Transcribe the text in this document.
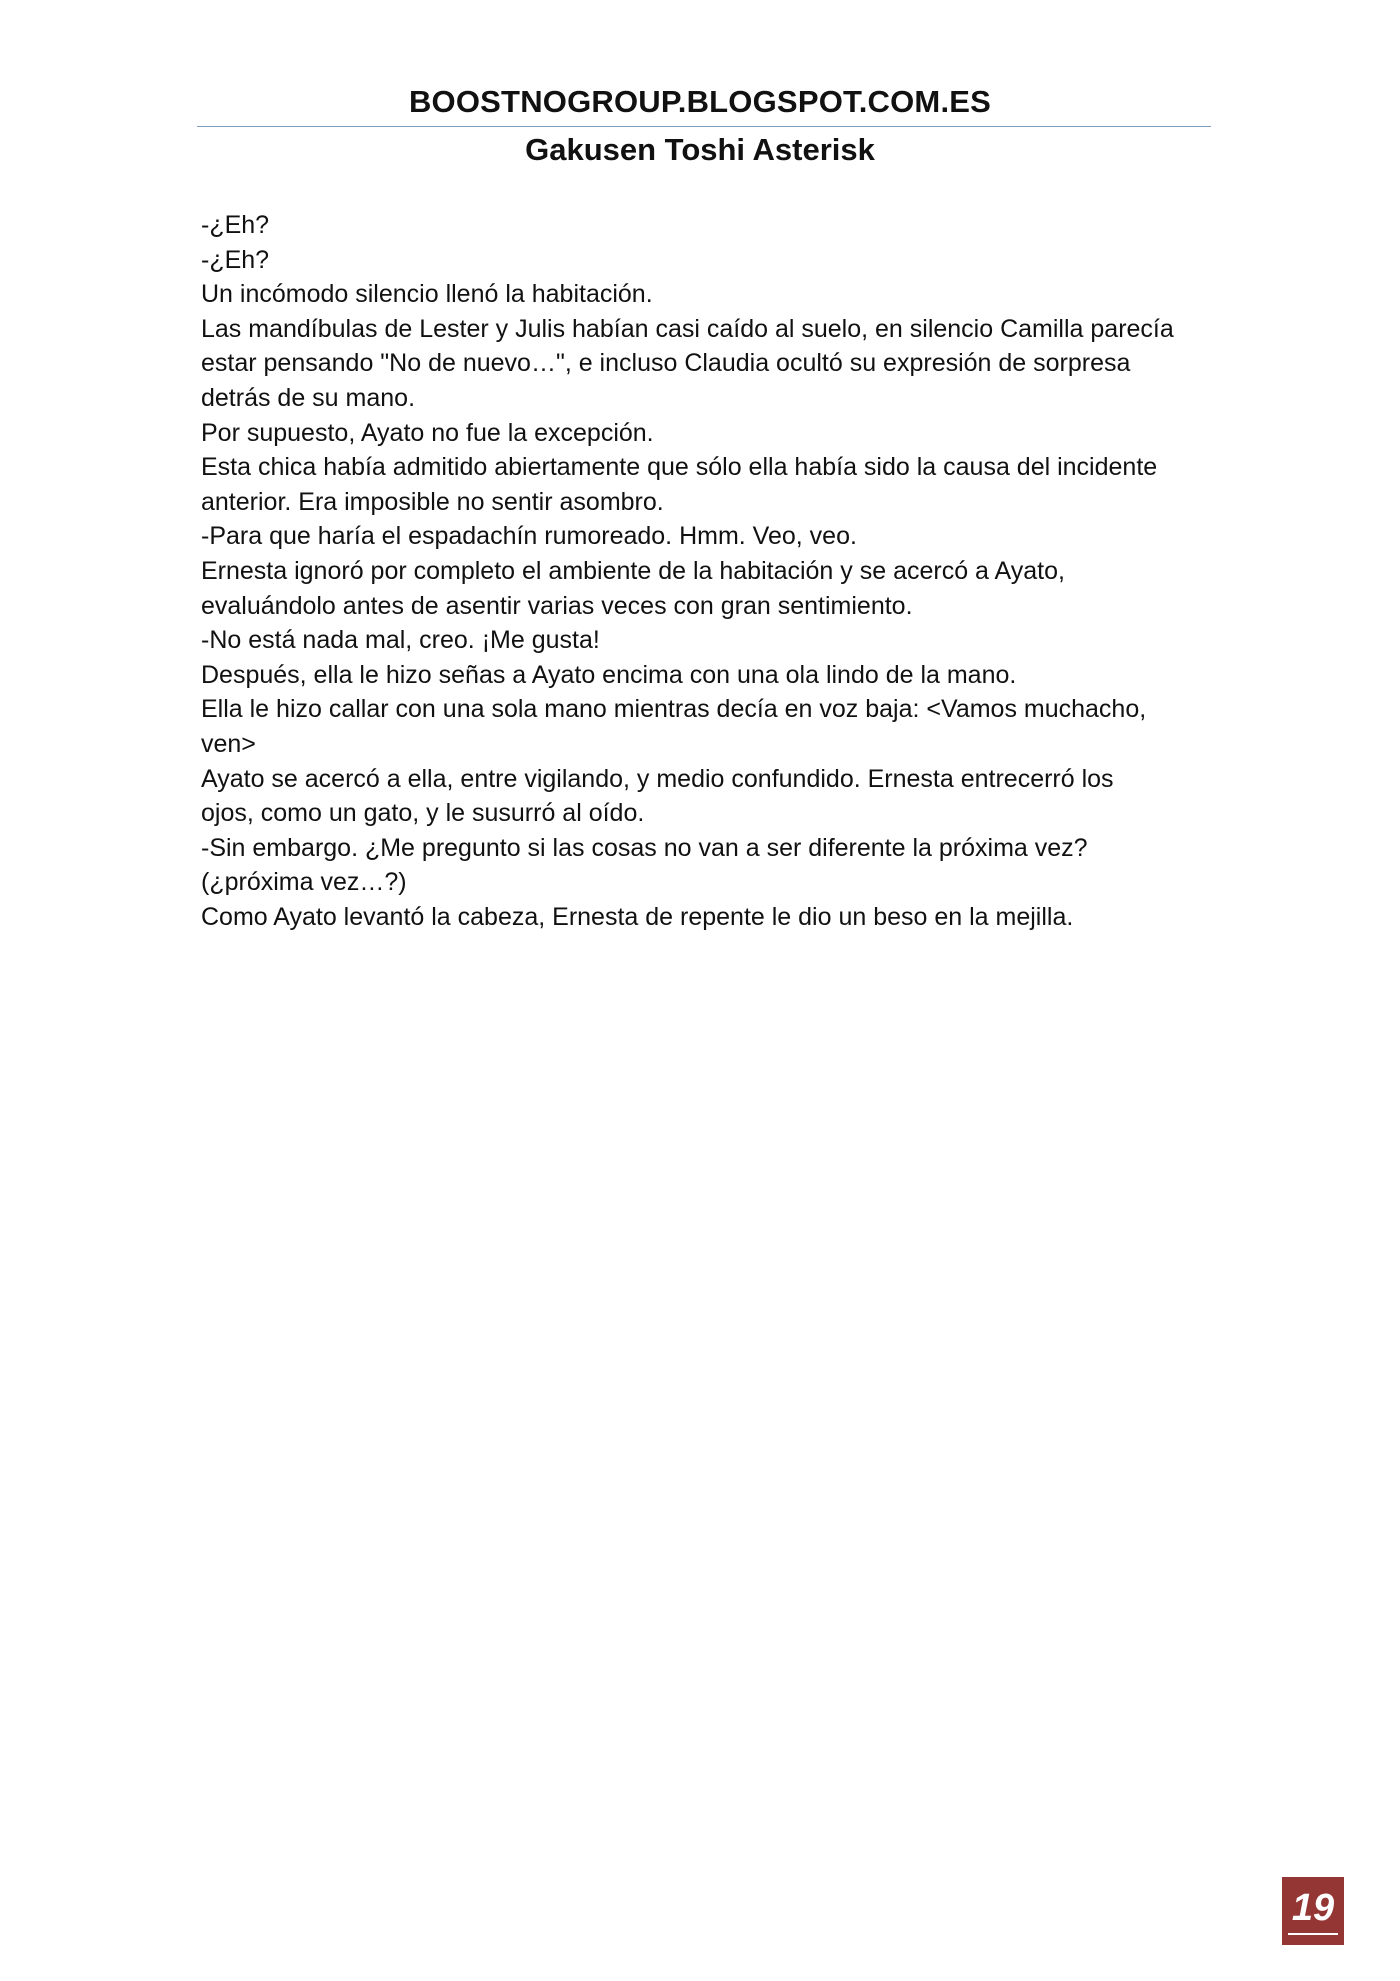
BOOSTNOGROUP.BLOGSPOT.COM.ES
Gakusen Toshi Asterisk

-¿Eh?

-¿Eh?

Un incómodo silencio llenó la habitación.

Las mandíbulas de Lester y Julis habían casi caído al suelo, en silencio Camilla parecía

estar pensando "No de nuevo…", e incluso Claudia ocultó su expresión de sorpresa

detrás de su mano.

Por supuesto, Ayato no fue la excepción.

Esta chica había admitido abiertamente que sólo ella había sido la causa del incidente

anterior. Era imposible no sentir asombro.

-Para que haría el espadachín rumoreado. Hmm. Veo, veo.

Ernesta ignoró por completo el ambiente de la habitación y se acercó a Ayato,

evaluándolo antes de asentir varias veces con gran sentimiento.

-No está nada mal, creo. ¡Me gusta!

Después, ella le hizo señas a Ayato encima con una ola lindo de la mano.

Ella le hizo callar con una sola mano mientras decía en voz baja: <Vamos muchacho,

ven>

Ayato se acercó a ella, entre vigilando, y medio confundido. Ernesta entrecerró los

ojos, como un gato, y le susurró al oído.

-Sin embargo. ¿Me pregunto si las cosas no van a ser diferente la próxima vez?

(¿próxima vez…?)

Como Ayato levantó la cabeza, Ernesta de repente le dio un beso en la mejilla.

19
